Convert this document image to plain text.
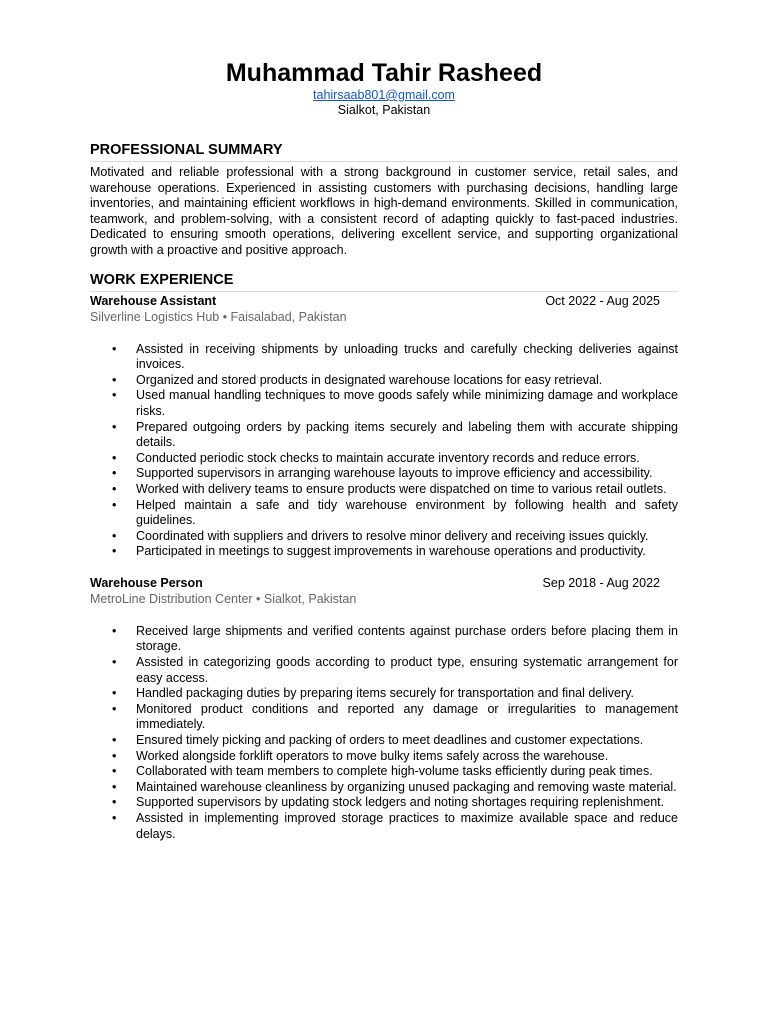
Muhammad Tahir Rasheed
tahirsaab801@gmail.com
Sialkot, Pakistan
PROFESSIONAL SUMMARY

Motivated and reliable professional with a strong background in customer service, retail sales, and warehouse operations. Experienced in assisting customers with purchasing decisions, handling large inventories, and maintaining efficient workflows in high-demand environments. Skilled in communication, teamwork, and problem-solving, with a consistent record of adapting quickly to fast-paced industries. Dedicated to ensuring smooth operations, delivering excellent service, and supporting organizational growth with a proactive and positive approach.

WORK EXPERIENCE
Warehouse Assistant	Oct 2022 - Aug 2025
Silverline Logistics Hub • Faisalabad, Pakistan
• Assisted in receiving shipments by unloading trucks and carefully checking deliveries against invoices.
• Organized and stored products in designated warehouse locations for easy retrieval.
• Used manual handling techniques to move goods safely while minimizing damage and workplace risks.
• Prepared outgoing orders by packing items securely and labeling them with accurate shipping details.
• Conducted periodic stock checks to maintain accurate inventory records and reduce errors.
• Supported supervisors in arranging warehouse layouts to improve efficiency and accessibility.
• Worked with delivery teams to ensure products were dispatched on time to various retail outlets.
• Helped maintain a safe and tidy warehouse environment by following health and safety guidelines.
• Coordinated with suppliers and drivers to resolve minor delivery and receiving issues quickly.
• Participated in meetings to suggest improvements in warehouse operations and productivity.
Warehouse Person	Sep 2018 - Aug 2022
MetroLine Distribution Center • Sialkot, Pakistan
• Received large shipments and verified contents against purchase orders before placing them in storage.
• Assisted in categorizing goods according to product type, ensuring systematic arrangement for easy access.
• Handled packaging duties by preparing items securely for transportation and final delivery.
• Monitored product conditions and reported any damage or irregularities to management immediately.
• Ensured timely picking and packing of orders to meet deadlines and customer expectations.
• Worked alongside forklift operators to move bulky items safely across the warehouse.
• Collaborated with team members to complete high-volume tasks efficiently during peak times.
• Maintained warehouse cleanliness by organizing unused packaging and removing waste material.
• Supported supervisors by updating stock ledgers and noting shortages requiring replenishment.
• Assisted in implementing improved storage practices to maximize available space and reduce delays.
